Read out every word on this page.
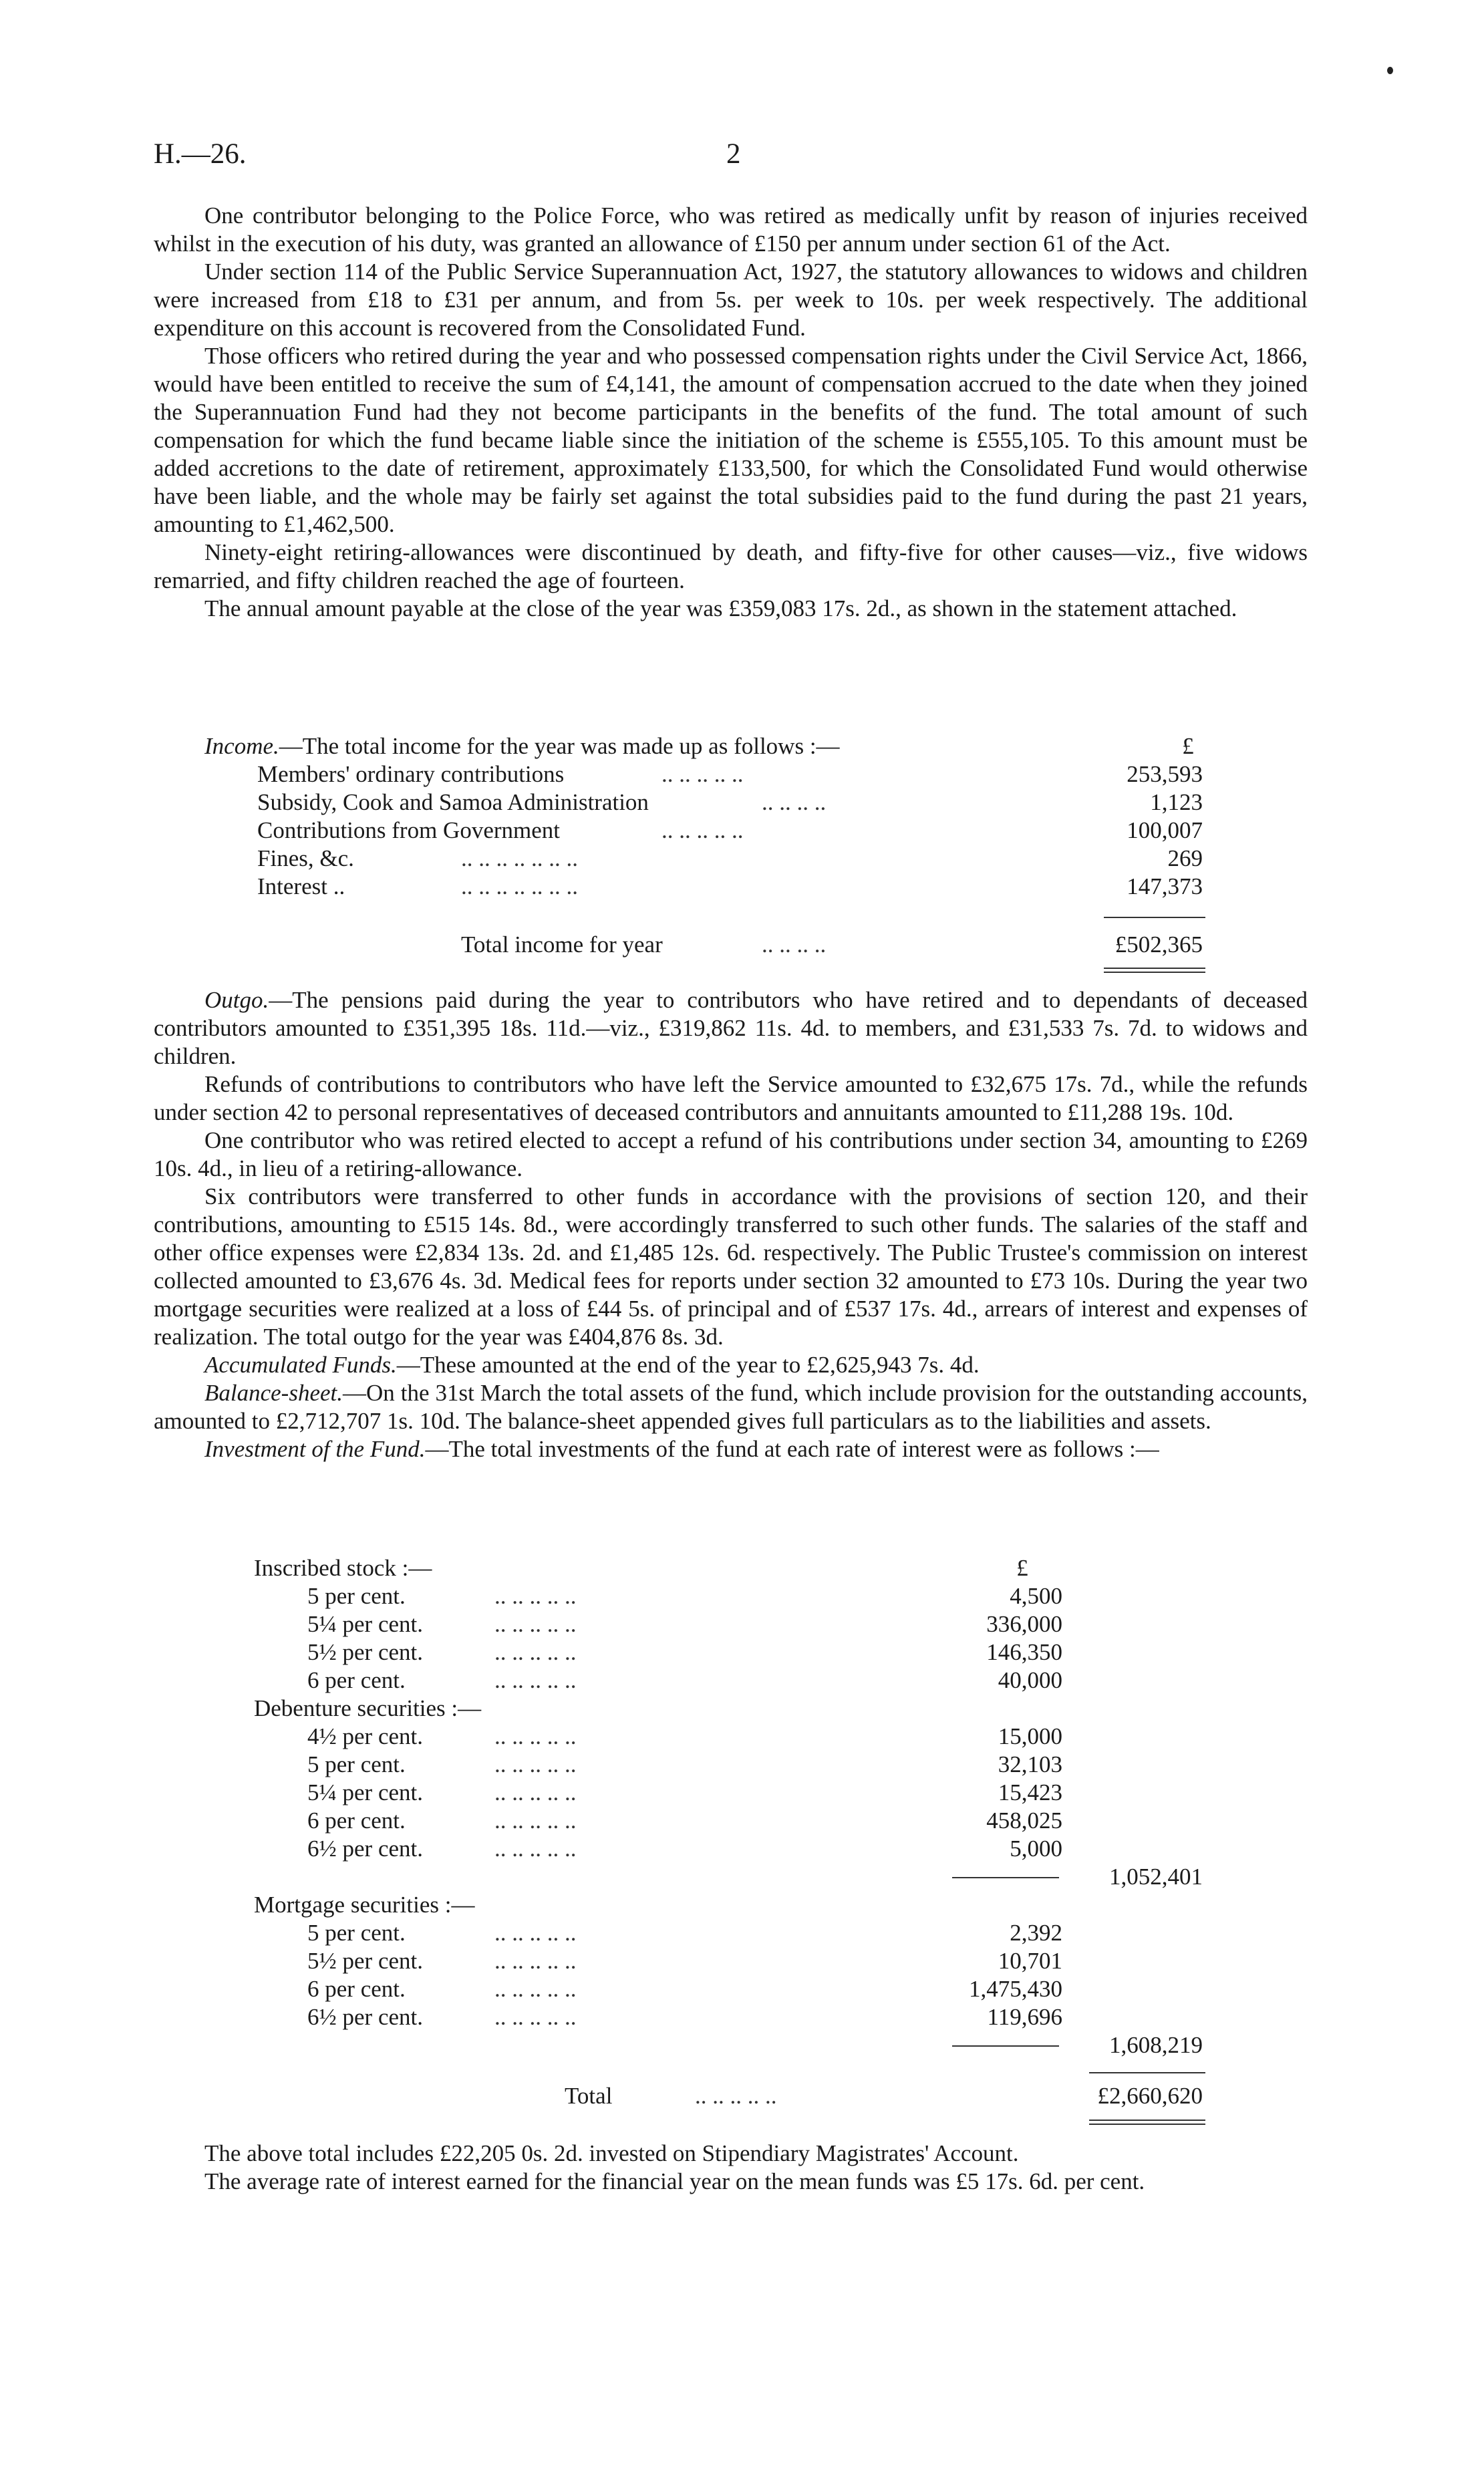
H.—26.	2

One contributor belonging to the Police Force, who was retired as medically unfit by reason of injuries received whilst in the execution of his duty, was granted an allowance of £150 per annum under section 61 of the Act.

Under section 114 of the Public Service Superannuation Act, 1927, the statutory allowances to widows and children were increased from £18 to £31 per annum, and from 5s. per week to 10s. per week respectively. The additional expenditure on this account is recovered from the Consolidated Fund.

Those officers who retired during the year and who possessed compensation rights under the Civil Service Act, 1866, would have been entitled to receive the sum of £4,141, the amount of compensation accrued to the date when they joined the Superannuation Fund had they not become participants in the benefits of the fund. The total amount of such compensation for which the fund became liable since the initiation of the scheme is £555,105. To this amount must be added accretions to the date of retirement, approximately £133,500, for which the Consolidated Fund would otherwise have been liable, and the whole may be fairly set against the total subsidies paid to the fund during the past 21 years, amounting to £1,462,500.

Ninety-eight retiring-allowances were discontinued by death, and fifty-five for other causes—viz., five widows remarried, and fifty children reached the age of fourteen.

The annual amount payable at the close of the year was £359,083 17s. 2d., as shown in the statement attached.

Income.—The total income for the year was made up as follows :—	£
Members' ordinary contributions	.. .. .. .. ..	253,593
Subsidy, Cook and Samoa Administration	.. .. .. ..	1,123
Contributions from Government	.. .. .. .. ..	100,007
Fines, &c.	.. .. .. .. .. .. ..	269
Interest ..	.. .. .. .. .. .. ..	147,373
Total income for year	.. .. .. ..	£502,365

Outgo.—The pensions paid during the year to contributors who have retired and to dependants of deceased contributors amounted to £351,395 18s. 11d.—viz., £319,862 11s. 4d. to members, and £31,533 7s. 7d. to widows and children.

Refunds of contributions to contributors who have left the Service amounted to £32,675 17s. 7d., while the refunds under section 42 to personal representatives of deceased contributors and annuitants amounted to £11,288 19s. 10d.

One contributor who was retired elected to accept a refund of his contributions under section 34, amounting to £269 10s. 4d., in lieu of a retiring-allowance.

Six contributors were transferred to other funds in accordance with the provisions of section 120, and their contributions, amounting to £515 14s. 8d., were accordingly transferred to such other funds. The salaries of the staff and other office expenses were £2,834 13s. 2d. and £1,485 12s. 6d. respectively. The Public Trustee's commission on interest collected amounted to £3,676 4s. 3d. Medical fees for reports under section 32 amounted to £73 10s. During the year two mortgage securities were realized at a loss of £44 5s. of principal and of £537 17s. 4d., arrears of interest and expenses of realization. The total outgo for the year was £404,876 8s. 3d.

Accumulated Funds.—These amounted at the end of the year to £2,625,943 7s. 4d.

Balance-sheet.—On the 31st March the total assets of the fund, which include provision for the outstanding accounts, amounted to £2,712,707 1s. 10d. The balance-sheet appended gives full particulars as to the liabilities and assets.

Investment of the Fund.—The total investments of the fund at each rate of interest were as follows :—

£
Inscribed stock :—
5 per cent.	.. .. .. .. ..	4,500
5¼ per cent.	.. .. .. .. ..	336,000
5½ per cent.	.. .. .. .. ..	146,350
6 per cent.	.. .. .. .. ..	40,000
Debenture securities :—
4½ per cent.	.. .. .. .. ..	15,000
5 per cent.	.. .. .. .. ..	32,103
5¼ per cent.	.. .. .. .. ..	15,423
6 per cent.	.. .. .. .. ..	458,025
6½ per cent.	.. .. .. .. ..	5,000
1,052,401
Mortgage securities :—
5 per cent.	.. .. .. .. ..	2,392
5½ per cent.	.. .. .. .. ..	10,701
6 per cent.	.. .. .. .. ..	1,475,430
6½ per cent.	.. .. .. .. ..	119,696
1,608,219
Total	.. .. .. .. ..	£2,660,620

The above total includes £22,205 0s. 2d. invested on Stipendiary Magistrates' Account.

The average rate of interest earned for the financial year on the mean funds was £5 17s. 6d. per cent.
